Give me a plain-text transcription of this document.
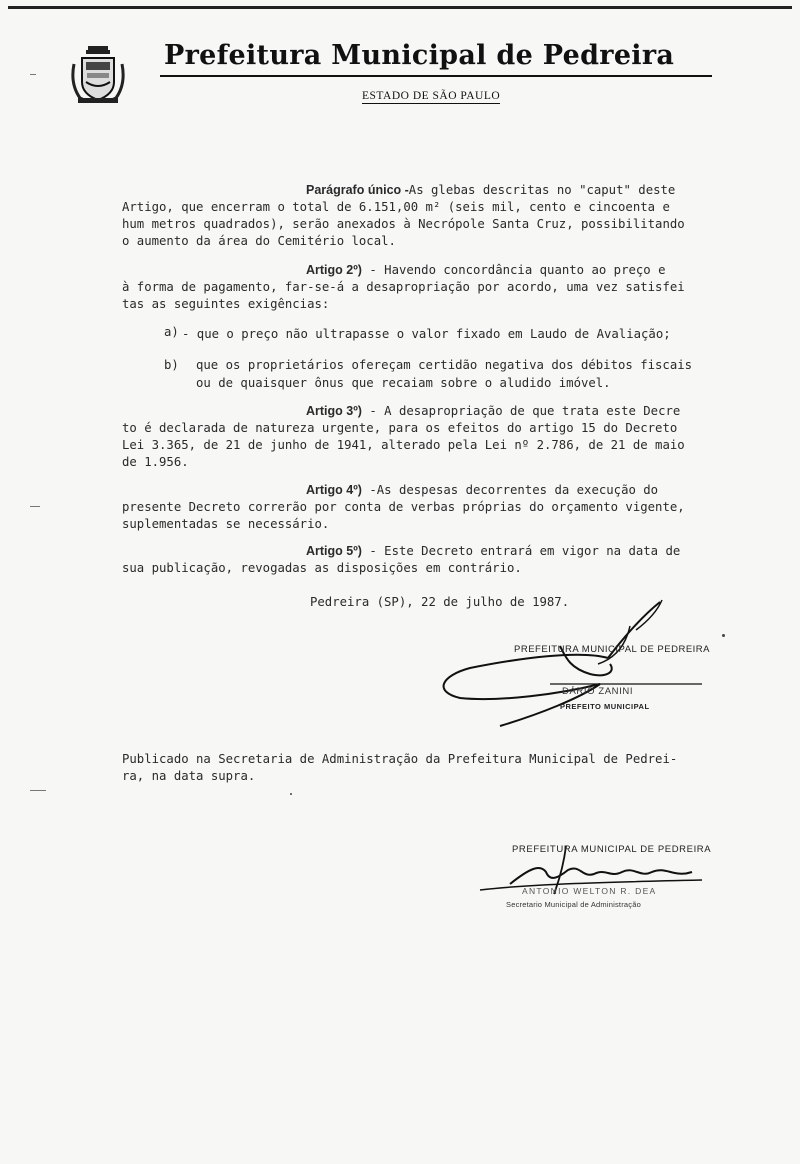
Prefeitura Municipal de Pedreira
ESTADO DE SÃO PAULO
Parágrafo único -As glebas descritas no "caput" deste
Artigo, que encerram o total de 6.151,00 m² (seis mil, cento e cincoenta e
hum metros quadrados), serão anexados à Necrópole Santa Cruz, possibilitando
o aumento da área do Cemitério local.
Artigo 2º) - Havendo concordância quanto ao preço e
à forma de pagamento, far-se-á a desapropriação por acordo, uma vez satisfei
tas as seguintes exigências:
a) - que o preço não ultrapasse o valor fixado em Laudo de Avaliação;
b) que os proprietários ofereçam certidão negativa dos débitos fiscais
ou de quaisquer ônus que recaiam sobre o aludido imóvel.
Artigo 3º) - A desapropriação de que trata este Decre
to é declarada de natureza urgente, para os efeitos do artigo 15 do Decreto
Lei 3.365, de 21 de junho de 1941, alterado pela Lei nº 2.786, de 21 de maio
de 1.956.
Artigo 4º) -As despesas decorrentes da execução do
presente Decreto correrão por conta de verbas próprias do orçamento vigente,
suplementadas se necessário.
Artigo 5º) - Este Decreto entrará em vigor na data de
sua publicação, revogadas as disposições em contrário.
Pedreira (SP), 22 de julho de 1987.
PREFEITURA MUNICIPAL DE PEDREIRA
DÁRIO ZANINI
PREFEITO MUNICIPAL
Publicado na Secretaria de Administração da Prefeitura Municipal de Pedrei-
ra, na data supra.
PREFEITURA MUNICIPAL DE PEDREIRA
ANTONIO WELTON R. DEA
Secretario Municipal de Administração
